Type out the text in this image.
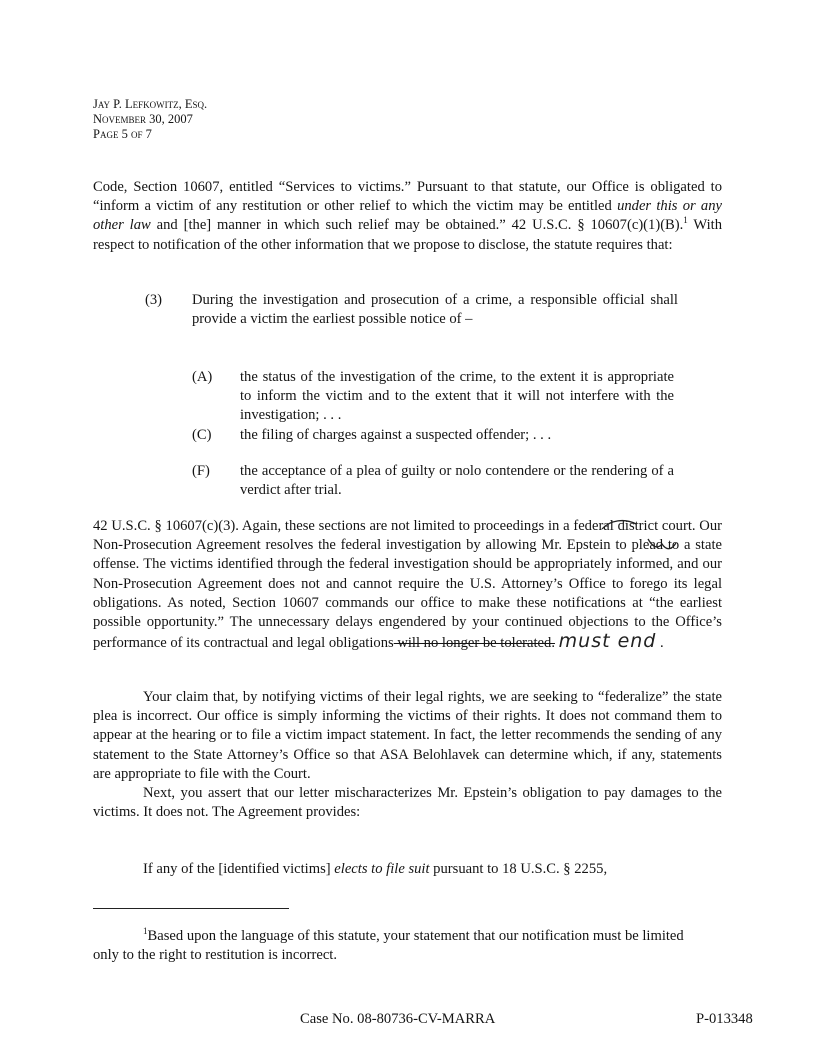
Jay P. Lefkowitz, Esq.
November 30, 2007
Page 5 of 7

Code, Section 10607, entitled “Services to victims.” Pursuant to that statute, our Office is obligated to “inform a victim of any restitution or other relief to which the victim may be entitled under this or any other law and [the] manner in which such relief may be obtained.” 42 U.S.C. § 10607(c)(1)(B).$^1$ With respect to notification of the other information that we propose to disclose, the statute requires that:

(3) During the investigation and prosecution of a crime, a responsible official shall provide a victim the earliest possible notice of –
(A) the status of the investigation of the crime, to the extent it is appropriate to inform the victim and to the extent that it will not interfere with the investigation; . . .
(C) the filing of charges against a suspected offender; . . .
(F) the acceptance of a plea of guilty or nolo contendere or the rendering of a verdict after trial.

42 U.S.C. § 10607(c)(3). Again, these sections are not limited to proceedings in a federal district court. Our Non-Prosecution Agreement resolves the federal investigation by allowing Mr. Epstein to plead to a state offense. The victims identified through the federal investigation should be appropriately informed, and our Non-Prosecution Agreement does not and cannot require the U.S. Attorney’s Office to forego its legal obligations. As noted, Section 10607 commands our office to make these notifications at “the earliest possible opportunity.” The unnecessary delays engendered by your continued objections to the Office’s performance of its contractual and legal obligations will no longer be tolerated. must end .

Your claim that, by notifying victims of their legal rights, we are seeking to “federalize” the state plea is incorrect. Our office is simply informing the victims of their rights. It does not command them to appear at the hearing or to file a victim impact statement. In fact, the letter recommends the sending of any statement to the State Attorney’s Office so that ASA Belohlavek can determine which, if any, statements are appropriate to file with the Court.

Next, you assert that our letter mischaracterizes Mr. Epstein’s obligation to pay damages to the victims. It does not. The Agreement provides:

If any of the [identified victims] elects to file suit pursuant to 18 U.S.C. § 2255,

$^1$Based upon the language of this statute, your statement that our notification must be limited only to the right to restitution is incorrect.
Case No. 08-80736-CV-MARRA	P-013348
